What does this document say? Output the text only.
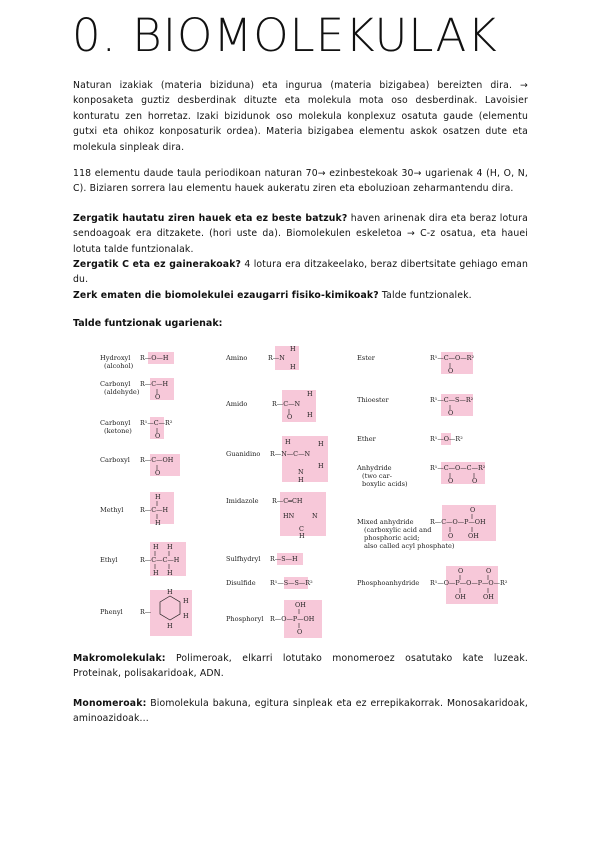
0. BIOMOLEKULAK

Naturan izakiak (materia biziduna) eta ingurua (materia bizigabea) bereizten dira. → konposaketa guztiz desberdinak dituzte eta molekula mota oso desberdinak. Lavoisier konturatu zen horretaz. Izaki bizidunok oso molekula konplexuz osatuta gaude (elementu gutxi eta ohikoz konposaturik ordea). Materia bizigabea elementu askok osatzen dute eta molekula sinpleak dira.

118 elementu daude taula periodikoan naturan 70→ ezinbestekoak 30→ ugarienak 4 (H, O, N, C). Biziaren sorrera lau elementu hauek aukeratu ziren eta eboluzioan zeharmantendu dira.

Zergatik hautatu ziren hauek eta ez beste batzuk? haven arinenak dira eta beraz lotura sendoagoak era ditzakete. (hori uste da). Biomolekulen eskeletoa → C-z osatua, eta hauei lotuta talde funtzionalak.

Zergatik C eta ez gainerakoak? 4 lotura era ditzakeelako, beraz dibertsitate gehiago eman du.

Zerk ematen die biomolekulei ezaugarri fisiko-kimikoak? Talde funtzionalek.

Talde funtzionak ugarienak:

Hydroxyl
(alcohol)
R—O—H
Carbonyl
(aldehyde)
R—C—H
O
Carbonyl
(ketone)
R¹—C—R²
O
Carboxyl R—C—OH
O
Methyl
H
R—C—H
H
Ethyl
H H
R—C—C—H
H H
Phenyl	R—
H
H
H
H
Amino	R—N
H
H
Amido	R—C—N
H
H
O
Guanidino R—N—C—N
H
N
H
H
H
Imidazole R—C═CH
HN	N
C
H
Sulfhydryl R—S—H
Disulfide R¹—S—S—R²
Phosphoryl
OH
R—O—P—OH
O
Ester	R¹—C—O—R²
O
Thioester	R¹—C—S—R²
O
Ether	R¹—O—R²
Anhydride
(two car-
boxylic acids)
R¹—C—O—C—R²
O	O
Mixed anhydride
(carboxylic acid and
phosphoric acid;
also called acyl phosphate)
O
R—C—O—P—OH
O OH
Phosphoanhydride
O	O
R¹—O—P—O—P—O—R²
OH	OH

Makromolekulak: Polimeroak, elkarri lotutako monomeroez osatutako kate luzeak. Proteinak, polisakaridoak, ADN.

Monomeroak: Biomolekula bakuna, egitura sinpleak eta ez errepikakorrak. Monosakaridoak, aminoazidoak...
